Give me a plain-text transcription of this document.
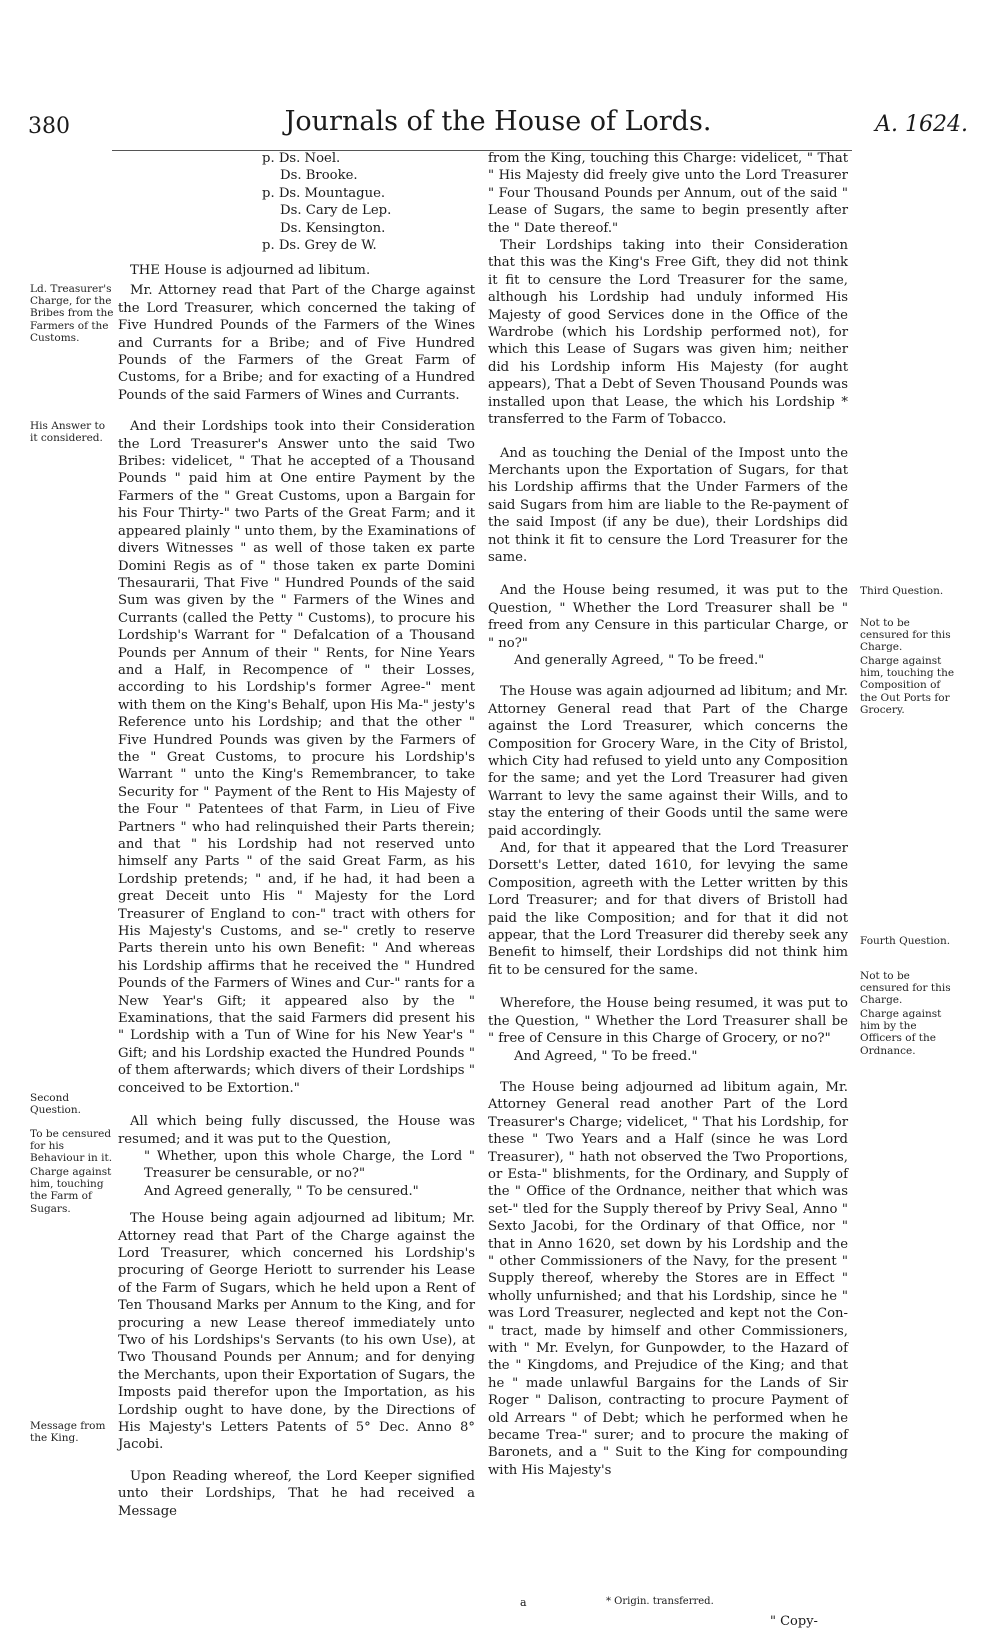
380	Journals of the House of Lords.	A. 1624.
p. Ds. Noel.
Ds. Brooke.
p. Ds. Mountague.
Ds. Cary de Lep.
Ds. Kensington.
p. Ds. Grey de W.

THE House is adjourned ad libitum.

Mr. Attorney read that Part of the Charge against the Lord Treasurer, which concerned the taking of Five Hundred Pounds of the Farmers of the Wines and Currants for a Bribe; and of Five Hundred Pounds of the Farmers of the Great Farm of Customs, for a Bribe; and for exacting of a Hundred Pounds of the said Farmers of Wines and Currants.

And their Lordships took into their Consideration the Lord Treasurer's Answer unto the said Two Bribes: videlicet, " That he accepted of a Thousand Pounds " paid him at One entire Payment by the Farmers of the " Great Customs, upon a Bargain for his Four Thirty-" two Parts of the Great Farm; and it appeared plainly " unto them, by the Examinations of divers Witnesses " as well of those taken ex parte Domini Regis as of " those taken ex parte Domini Thesaurarii, That Five " Hundred Pounds of the said Sum was given by the " Farmers of the Wines and Currants (called the Petty " Customs), to procure his Lordship's Warrant for " Defalcation of a Thousand Pounds per Annum of their " Rents, for Nine Years and a Half, in Recompence of " their Losses, according to his Lordship's former Agree-" ment with them on the King's Behalf, upon His Ma-" jesty's Reference unto his Lordship; and that the other " Five Hundred Pounds was given by the Farmers of the " Great Customs, to procure his Lordship's Warrant " unto the King's Remembrancer, to take Security for " Payment of the Rent to His Majesty of the Four " Patentees of that Farm, in Lieu of Five Partners " who had relinquished their Parts therein; and that " his Lordship had not reserved unto himself any Parts " of the said Great Farm, as his Lordship pretends; " and, if he had, it had been a great Deceit unto His " Majesty for the Lord Treasurer of England to con-" tract with others for His Majesty's Customs, and se-" cretly to reserve Parts therein unto his own Benefit: " And whereas his Lordship affirms that he received the " Hundred Pounds of the Farmers of Wines and Cur-" rants for a New Year's Gift; it appeared also by the " Examinations, that the said Farmers did present his " Lordship with a Tun of Wine for his New Year's " Gift; and his Lordship exacted the Hundred Pounds " of them afterwards; which divers of their Lordships " conceived to be Extortion."

All which being fully discussed, the House was resumed; and it was put to the Question,

" Whether, upon this whole Charge, the Lord " Treasurer be censurable, or no?"

And Agreed generally, " To be censured."

The House being again adjourned ad libitum; Mr. Attorney read that Part of the Charge against the Lord Treasurer, which concerned his Lordship's procuring of George Heriott to surrender his Lease of the Farm of Sugars, which he held upon a Rent of Ten Thousand Marks per Annum to the King, and for procuring a new Lease thereof immediately unto Two of his Lordships's Servants (to his own Use), at Two Thousand Pounds per Annum; and for denying the Merchants, upon their Exportation of Sugars, the Imposts paid therefor upon the Importation, as his Lordship ought to have done, by the Directions of His Majesty's Letters Patents of 5° Dec. Anno 8° Jacobi.

Upon Reading whereof, the Lord Keeper signified unto their Lordships, That he had received a Message

from the King, touching this Charge: videlicet, " That " His Majesty did freely give unto the Lord Treasurer " Four Thousand Pounds per Annum, out of the said " Lease of Sugars, the same to begin presently after the " Date thereof."

Their Lordships taking into their Consideration that this was the King's Free Gift, they did not think it fit to censure the Lord Treasurer for the same, although his Lordship had unduly informed His Majesty of good Services done in the Office of the Wardrobe (which his Lordship performed not), for which this Lease of Sugars was given him; neither did his Lordship inform His Majesty (for aught appears), That a Debt of Seven Thousand Pounds was installed upon that Lease, the which his Lordship * transferred to the Farm of Tobacco.

And as touching the Denial of the Impost unto the Merchants upon the Exportation of Sugars, for that his Lordship affirms that the Under Farmers of the said Sugars from him are liable to the Re-payment of the said Impost (if any be due), their Lordships did not think it fit to censure the Lord Treasurer for the same.

And the House being resumed, it was put to the Question, " Whether the Lord Treasurer shall be " freed from any Censure in this particular Charge, or " no?"

And generally Agreed, " To be freed."

The House was again adjourned ad libitum; and Mr. Attorney General read that Part of the Charge against the Lord Treasurer, which concerns the Composition for Grocery Ware, in the City of Bristol, which City had refused to yield unto any Composition for the same; and yet the Lord Treasurer had given Warrant to levy the same against their Wills, and to stay the entering of their Goods until the same were paid accordingly.

And, for that it appeared that the Lord Treasurer Dorsett's Letter, dated 1610, for levying the same Composition, agreeth with the Letter written by this Lord Treasurer; and for that divers of Bristoll had paid the like Composition; and for that it did not appear, that the Lord Treasurer did thereby seek any Benefit to himself, their Lordships did not think him fit to be censured for the same.

Wherefore, the House being resumed, it was put to the Question, " Whether the Lord Treasurer shall be " free of Censure in this Charge of Grocery, or no?"

And Agreed, " To be freed."

The House being adjourned ad libitum again, Mr. Attorney General read another Part of the Lord Treasurer's Charge; videlicet, " That his Lordship, for these " Two Years and a Half (since he was Lord Treasurer), " hath not observed the Two Proportions, or Esta-" blishments, for the Ordinary, and Supply of the " Office of the Ordnance, neither that which was set-" tled for the Supply thereof by Privy Seal, Anno " Sexto Jacobi, for the Ordinary of that Office, nor " that in Anno 1620, set down by his Lordship and the " other Commissioners of the Navy, for the present " Supply thereof, whereby the Stores are in Effect " wholly unfurnished; and that his Lordship, since he " was Lord Treasurer, neglected and kept not the Con-" tract, made by himself and other Commissioners, with " Mr. Evelyn, for Gunpowder, to the Hazard of the " Kingdoms, and Prejudice of the King; and that he " made unlawful Bargains for the Lands of Sir Roger " Dalison, contracting to procure Payment of old Arrears " of Debt; which he performed when he became Trea-" surer; and to procure the making of Baronets, and a " Suit to the King for compounding with His Majesty's

a	* Origin. transferred.
" Copy-
Ld. Treasurer's Charge, for the Bribes from the Farmers of the Customs.
His Answer to it considered.
Second Question.
To be censured for his Behaviour in it.
Charge against him, touching the Farm of Sugars.
Message from the King.
Third Question.
Not to be censured for this Charge.
Charge against him, touching the Composition of the Out Ports for Grocery.
Fourth Question.
Not to be censured for this Charge.
Charge against him by the Officers of the Ordnance.
